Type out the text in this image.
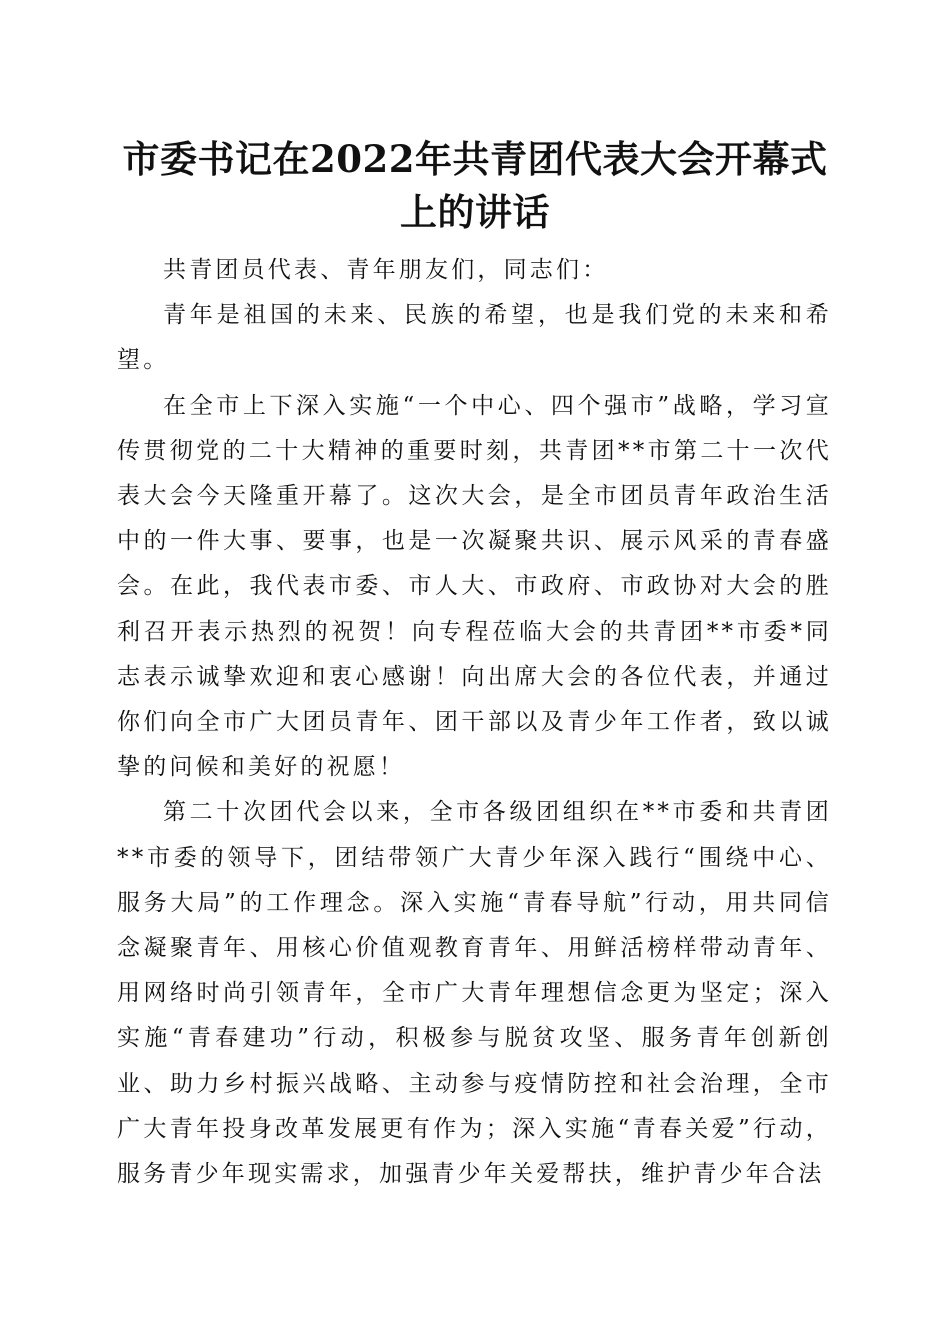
市委书记在2022年共青团代表大会开幕式上的讲话

共青团员代表、青年朋友们，同志们：

青年是祖国的未来、民族的希望，也是我们党的未来和希望。

在全市上下深入实施“一个中心、四个强市”战略，学习宣传贯彻党的二十大精神的重要时刻，共青团**市第二十一次代表大会今天隆重开幕了。这次大会，是全市团员青年政治生活中的一件大事、要事，也是一次凝聚共识、展示风采的青春盛会。在此，我代表市委、市人大、市政府、市政协对大会的胜利召开表示热烈的祝贺！向专程莅临大会的共青团**市委*同志表示诚挚欢迎和衷心感谢！向出席大会的各位代表，并通过你们向全市广大团员青年、团干部以及青少年工作者，致以诚挚的问候和美好的祝愿！

第二十次团代会以来，全市各级团组织在**市委和共青团**市委的领导下，团结带领广大青少年深入践行“围绕中心、服务大局”的工作理念。深入实施“青春导航”行动，用共同信念凝聚青年、用核心价值观教育青年、用鲜活榜样带动青年、用网络时尚引领青年，全市广大青年理想信念更为坚定；深入实施“青春建功”行动，积极参与脱贫攻坚、服务青年创新创业、助力乡村振兴战略、主动参与疫情防控和社会治理，全市广大青年投身改革发展更有作为；深入实施“青春关爱”行动，服务青少年现实需求，加强青少年关爱帮扶，维护青少年合法
